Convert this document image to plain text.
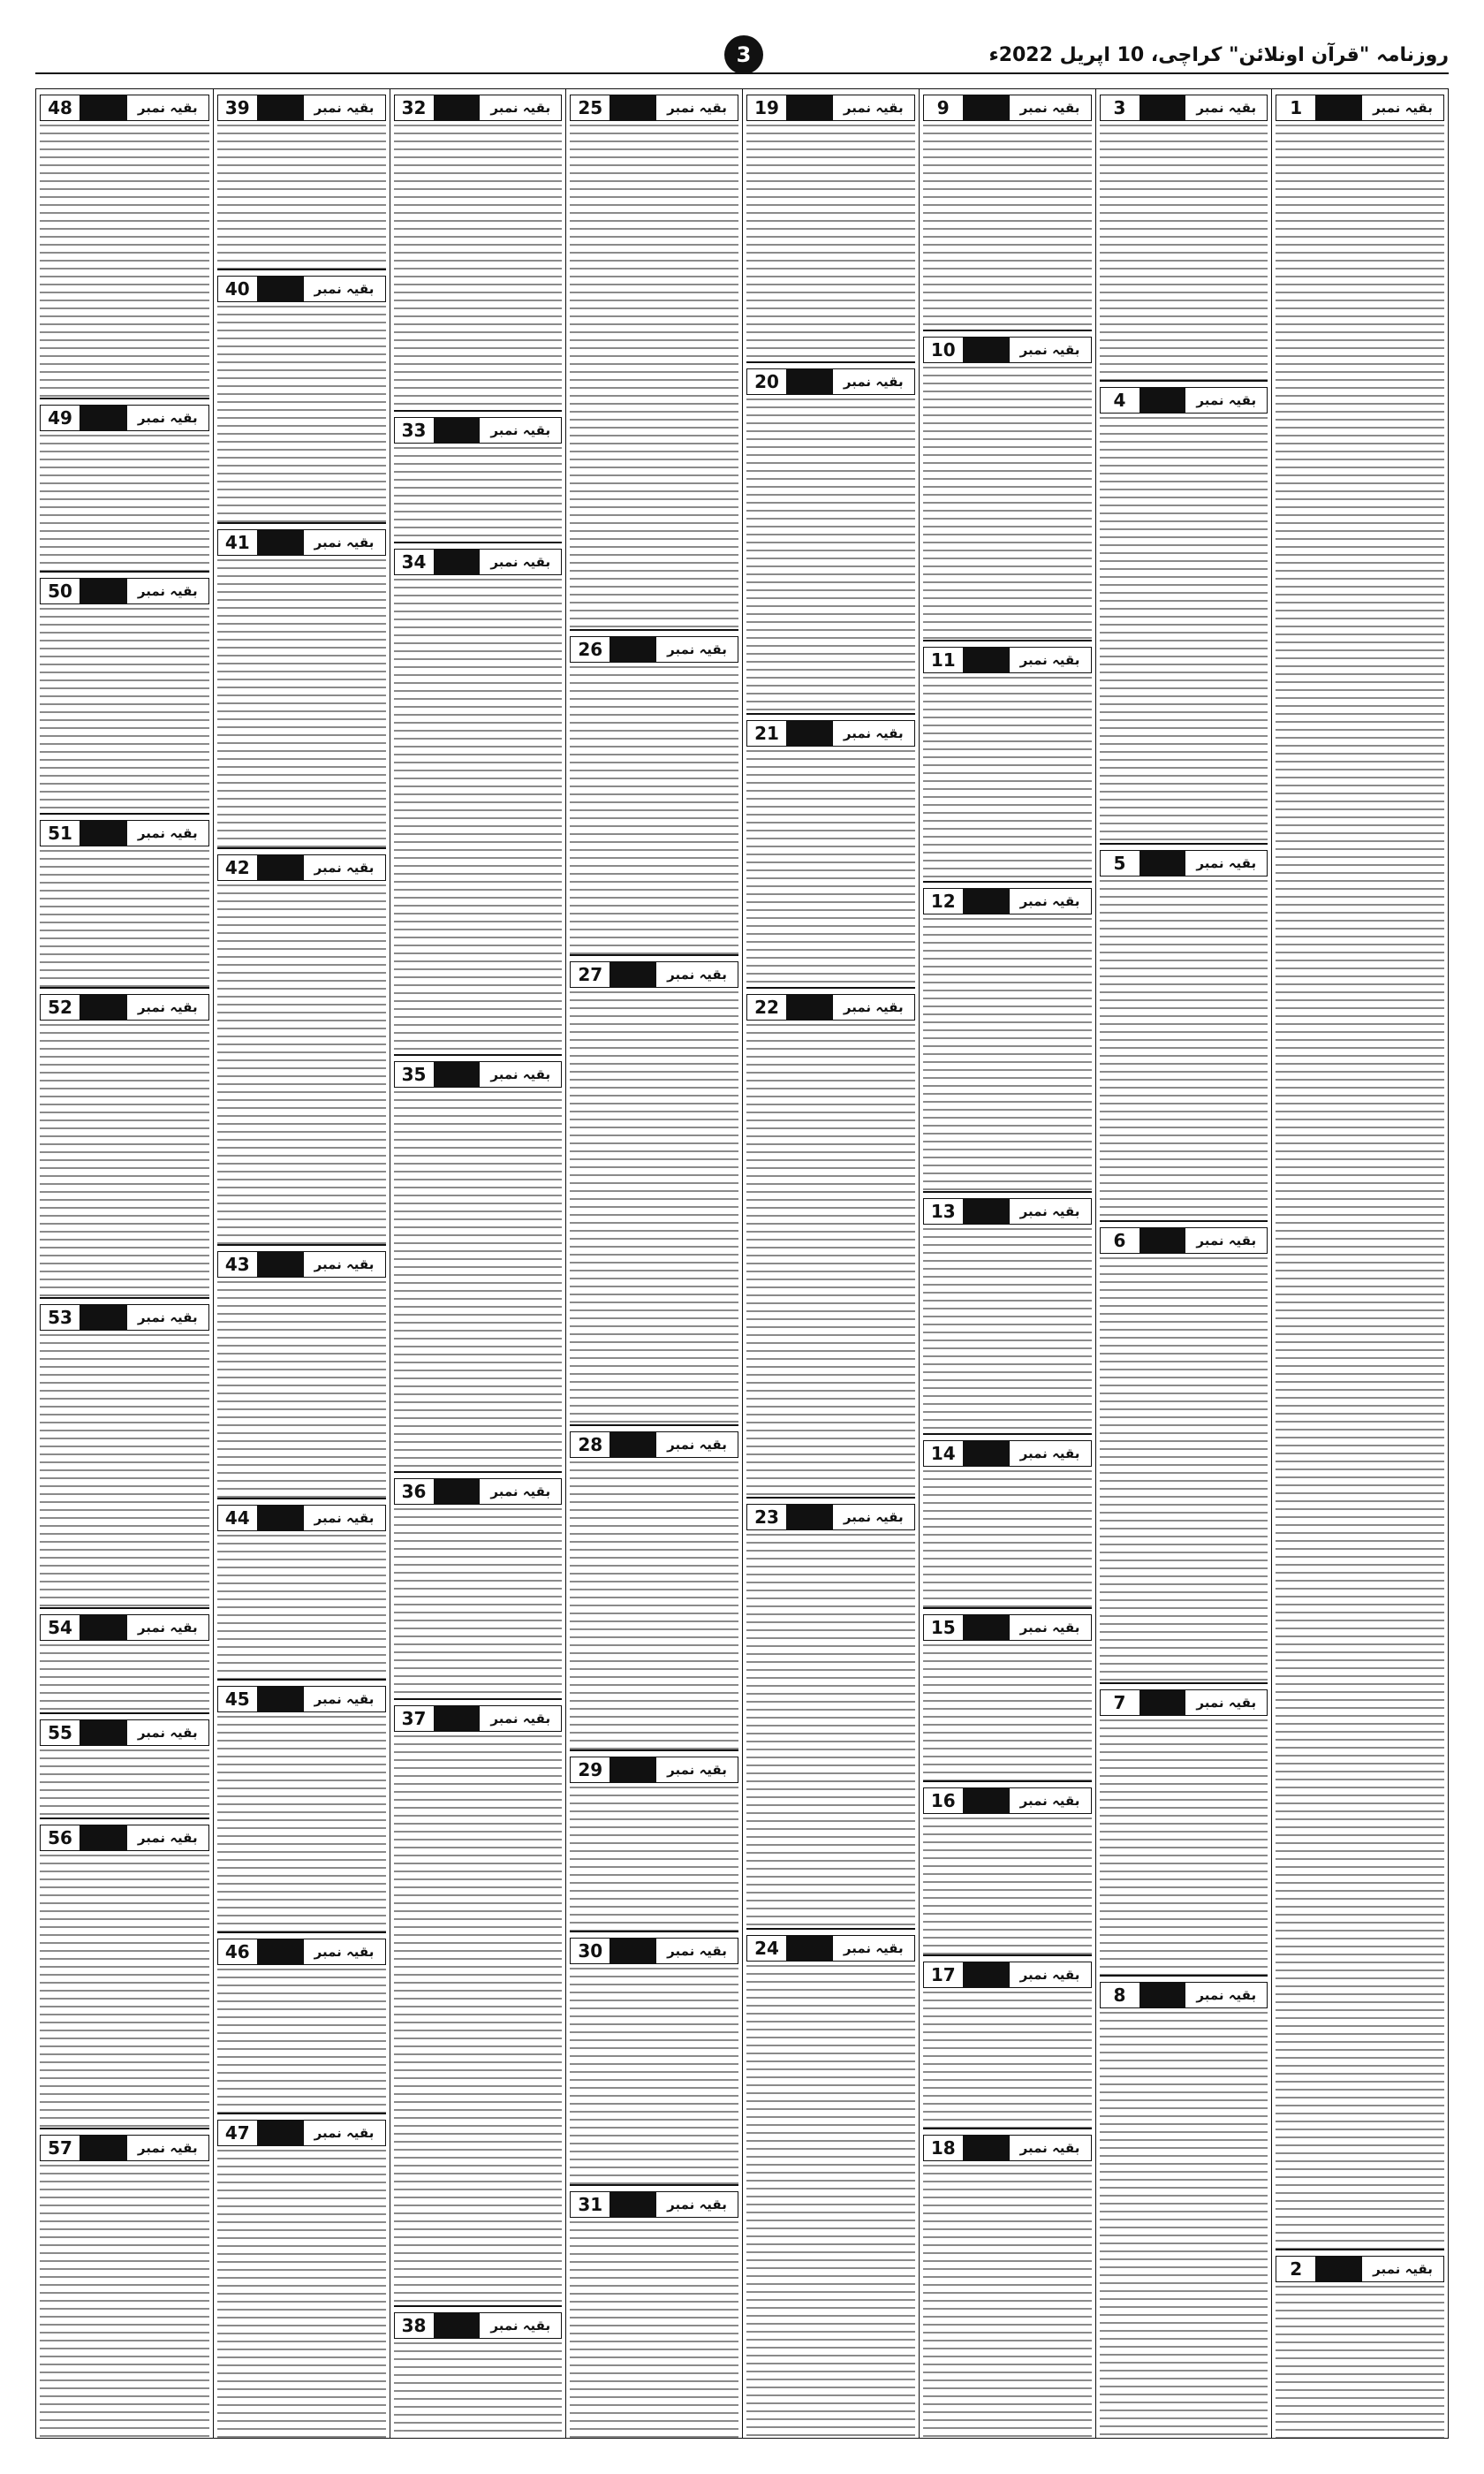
روزنامہ "قرآن اونلائن" کراچی، 10 اپریل 2022ء
3
بقیہ نمبر
1
بقیہ نمبر
2
بقیہ نمبر
3
بقیہ نمبر
4
بقیہ نمبر
5
بقیہ نمبر
6
بقیہ نمبر
7
بقیہ نمبر
8
بقیہ نمبر
9
بقیہ نمبر
10
بقیہ نمبر
11
بقیہ نمبر
12
بقیہ نمبر
13
بقیہ نمبر
14
بقیہ نمبر
15
بقیہ نمبر
16
بقیہ نمبر
17
بقیہ نمبر
18
بقیہ نمبر
19
بقیہ نمبر
20
بقیہ نمبر
21
بقیہ نمبر
22
بقیہ نمبر
23
بقیہ نمبر
24
بقیہ نمبر
25
بقیہ نمبر
26
بقیہ نمبر
27
بقیہ نمبر
28
بقیہ نمبر
29
بقیہ نمبر
30
بقیہ نمبر
31
بقیہ نمبر
32
بقیہ نمبر
33
بقیہ نمبر
34
بقیہ نمبر
35
بقیہ نمبر
36
بقیہ نمبر
37
بقیہ نمبر
38
بقیہ نمبر
39
بقیہ نمبر
40
بقیہ نمبر
41
بقیہ نمبر
42
بقیہ نمبر
43
بقیہ نمبر
44
بقیہ نمبر
45
بقیہ نمبر
46
بقیہ نمبر
47
بقیہ نمبر
48
بقیہ نمبر
49
بقیہ نمبر
50
بقیہ نمبر
51
بقیہ نمبر
52
بقیہ نمبر
53
بقیہ نمبر
54
بقیہ نمبر
55
بقیہ نمبر
56
بقیہ نمبر
57
